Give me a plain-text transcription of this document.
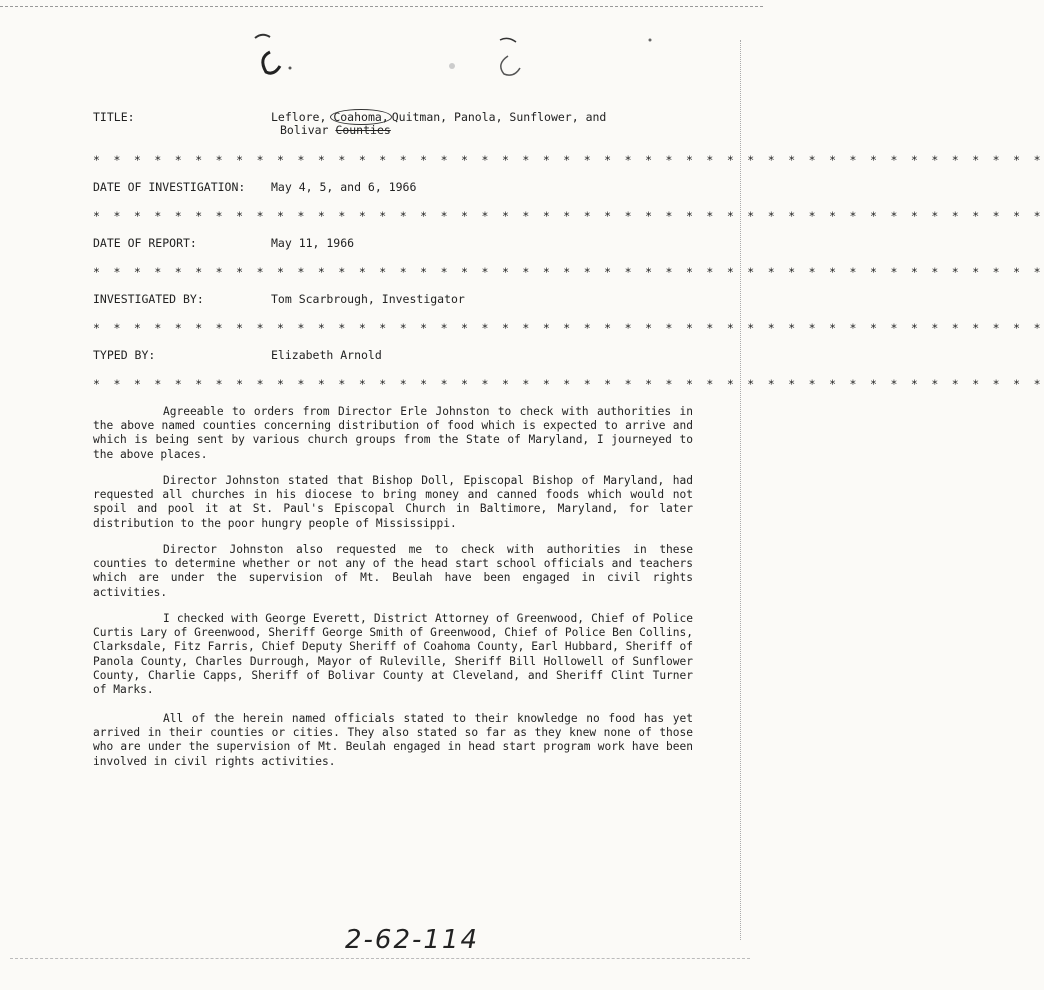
TITLE:	Leflore, Coahoma, Quitman, Panola, Sunflower, and
Bolivar Counties
* * * * * * * * * * * * * * * * * * * * * * * * * * * * * * * * * * * * * * * * * * * * * * *
DATE OF INVESTIGATION: May 4, 5, and 6, 1966
* * * * * * * * * * * * * * * * * * * * * * * * * * * * * * * * * * * * * * * * * * * * * * *
DATE OF REPORT:	May 11, 1966
* * * * * * * * * * * * * * * * * * * * * * * * * * * * * * * * * * * * * * * * * * * * * * *
INVESTIGATED BY:	Tom Scarbrough, Investigator
* * * * * * * * * * * * * * * * * * * * * * * * * * * * * * * * * * * * * * * * * * * * * * *
TYPED BY:	Elizabeth Arnold
* * * * * * * * * * * * * * * * * * * * * * * * * * * * * * * * * * * * * * * * * * * * * * *

Agreeable to orders from Director Erle Johnston to check with authorities in the above named counties concerning distribution of food which is expected to arrive and which is being sent by various church groups from the State of Maryland, I journeyed to the above places.

Director Johnston stated that Bishop Doll, Episcopal Bishop of Maryland, had requested all churches in his diocese to bring money and canned foods which would not spoil and pool it at St. Paul's Episcopal Church in Baltimore, Maryland, for later distribution to the poor hungry people of Mississippi.

Director Johnston also requested me to check with authorities in these counties to determine whether or not any of the head start school officials and teachers which are under the supervision of Mt. Beulah have been engaged in civil rights activities.

I checked with George Everett, District Attorney of Greenwood, Chief of Police Curtis Lary of Greenwood, Sheriff George Smith of Greenwood, Chief of Police Ben Collins, Clarksdale, Fitz Farris, Chief Deputy Sheriff of Coahoma County, Earl Hubbard, Sheriff of Panola County, Charles Durrough, Mayor of Ruleville, Sheriff Bill Hollowell of Sunflower County, Charlie Capps, Sheriff of Bolivar County at Cleveland, and Sheriff Clint Turner of Marks.

All of the herein named officials stated to their knowledge no food has yet arrived in their counties or cities. They also stated so far as they knew none of those who are under the supervision of Mt. Beulah engaged in head start program work have been involved in civil rights activities.

2-62-114
